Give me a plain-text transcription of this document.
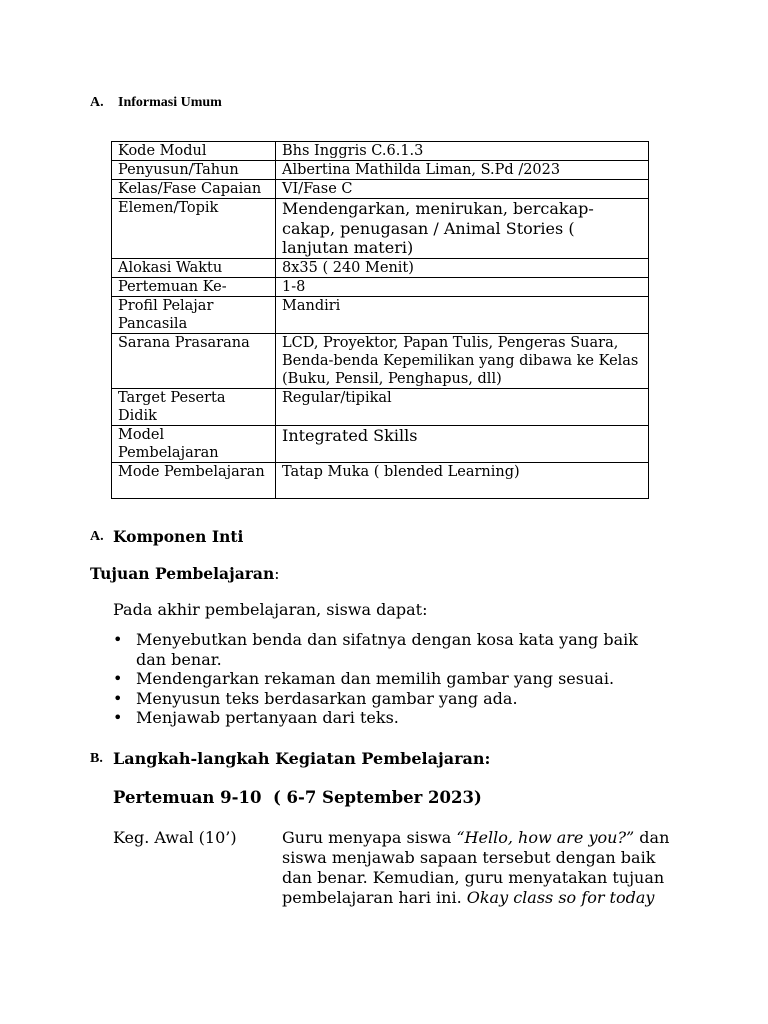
A. Informasi Umum
Kode Modul	Bhs Inggris C.6.1.3
Penyusun/Tahun	Albertina Mathilda Liman, S.Pd /2023
Kelas/Fase Capaian	VI/Fase C
Elemen/Topik	Mendengarkan, menirukan, bercakap-cakap, penugasan / Animal Stories ( lanjutan materi)
Alokasi Waktu	8x35 ( 240 Menit)
Pertemuan Ke-	1-8
Profil Pelajar Pancasila	Mandiri
Sarana Prasarana	LCD, Proyektor, Papan Tulis, Pengeras Suara, Benda-benda Kepemilikan yang dibawa ke Kelas (Buku, Pensil, Penghapus, dll)
Target Peserta Didik	Regular/tipikal
Model Pembelajaran	Integrated Skills
Mode Pembelajaran	Tatap Muka ( blended Learning)
A. Komponen Inti
Tujuan Pembelajaran:
Pada akhir pembelajaran, siswa dapat:
• Menyebutkan benda dan sifatnya dengan kosa kata yang baik dan benar.
• Mendengarkan rekaman dan memilih gambar yang sesuai.
• Menyusun teks berdasarkan gambar yang ada.
• Menjawab pertanyaan dari teks.
B. Langkah-langkah Kegiatan Pembelajaran:
Pertemuan 9-10  ( 6-7 September 2023)
Keg. Awal (10’)	Guru menyapa siswa “Hello, how are you?” dan siswa menjawab sapaan tersebut dengan baik dan benar. Kemudian, guru menyatakan tujuan pembelajaran hari ini. Okay class so for today
